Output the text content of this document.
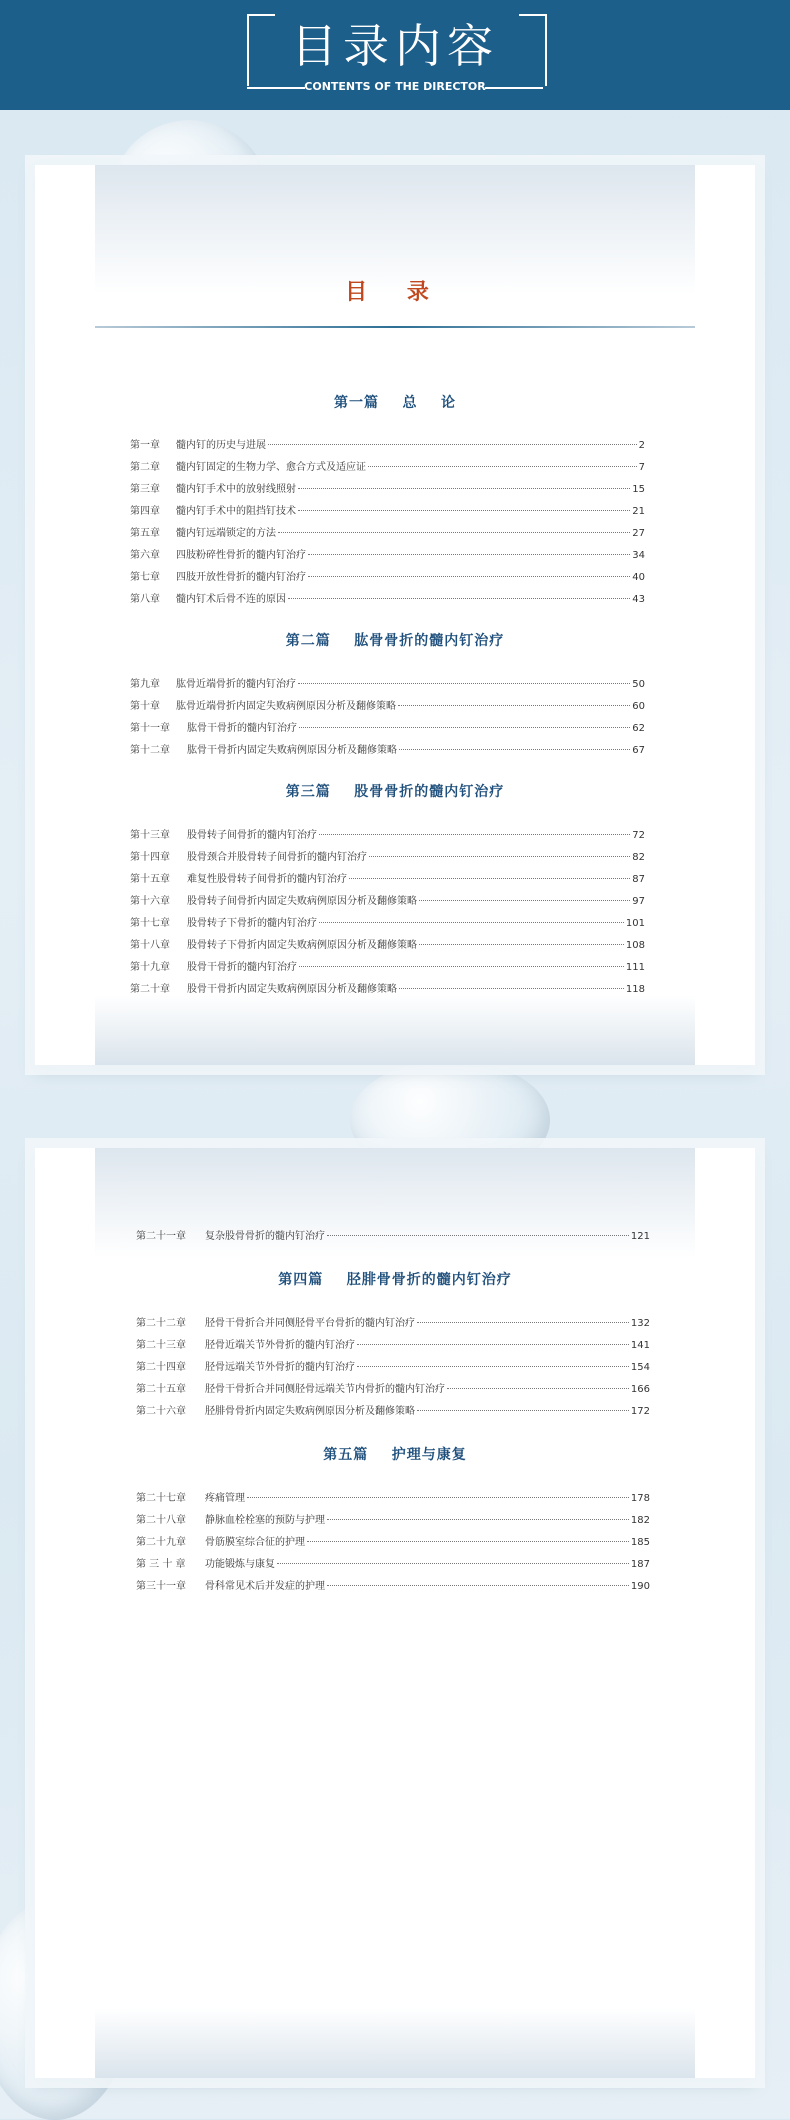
目录内容
CONTENTS OF THE DIRECTOR
目 录
第一篇    总    论
第一章	髓内钉的历史与进展	2
第二章	髓内钉固定的生物力学、愈合方式及适应证	7
第三章	髓内钉手术中的放射线照射	15
第四章	髓内钉手术中的阻挡钉技术	21
第五章	髓内钉远端锁定的方法	27
第六章	四肢粉碎性骨折的髓内钉治疗	34
第七章	四肢开放性骨折的髓内钉治疗	40
第八章	髓内钉术后骨不连的原因	43
第二篇    肱骨骨折的髓内钉治疗
第九章	肱骨近端骨折的髓内钉治疗	50
第十章	肱骨近端骨折内固定失败病例原因分析及翻修策略	60
第十一章	肱骨干骨折的髓内钉治疗	62
第十二章	肱骨干骨折内固定失败病例原因分析及翻修策略	67
第三篇    股骨骨折的髓内钉治疗
第十三章	股骨转子间骨折的髓内钉治疗	72
第十四章	股骨颈合并股骨转子间骨折的髓内钉治疗	82
第十五章	难复性股骨转子间骨折的髓内钉治疗	87
第十六章	股骨转子间骨折内固定失败病例原因分析及翻修策略	97
第十七章	股骨转子下骨折的髓内钉治疗	101
第十八章	股骨转子下骨折内固定失败病例原因分析及翻修策略	108
第十九章	股骨干骨折的髓内钉治疗	111
第二十章	股骨干骨折内固定失败病例原因分析及翻修策略	118
第二十一章	复杂股骨骨折的髓内钉治疗	121
第四篇    胫腓骨骨折的髓内钉治疗
第二十二章	胫骨干骨折合并同侧胫骨平台骨折的髓内钉治疗	132
第二十三章	胫骨近端关节外骨折的髓内钉治疗	141
第二十四章	胫骨远端关节外骨折的髓内钉治疗	154
第二十五章	胫骨干骨折合并同侧胫骨远端关节内骨折的髓内钉治疗	166
第二十六章	胫腓骨骨折内固定失败病例原因分析及翻修策略	172
第五篇    护理与康复
第二十七章	疼痛管理	178
第二十八章	静脉血栓栓塞的预防与护理	182
第二十九章	骨筋膜室综合征的护理	185
第 三 十 章	功能锻炼与康复	187
第三十一章	骨科常见术后并发症的护理	190
